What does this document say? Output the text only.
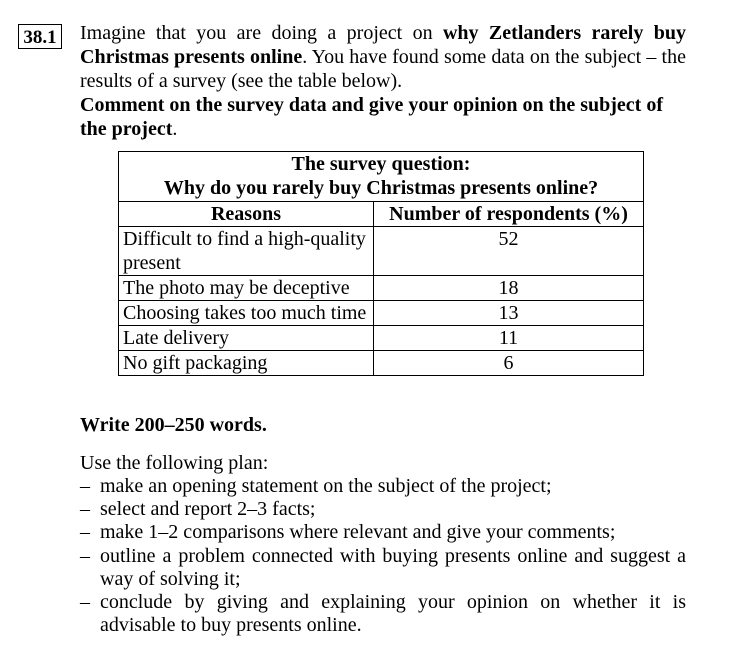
38.1 Imagine that you are doing a project on why Zetlanders rarely buy Christmas presents online. You have found some data on the subject – the results of a survey (see the table below).
Comment on the survey data and give your opinion on the subject of the project.
The survey question:
Why do you rarely buy Christmas presents online?	

Reasons	Number of respondents (%)
Difficult to find a high-quality present	52
The photo may be deceptive	18
Choosing takes too much time	13
Late delivery	11
No gift packaging	6

Write 200–250 words.

Use the following plan:

– make an opening statement on the subject of the project;
– select and report 2–3 facts;
– make 1–2 comparisons where relevant and give your comments;
– outline a problem connected with buying presents online and suggest a way of solving it;
– conclude by giving and explaining your opinion on whether it is advisable to buy presents online.
